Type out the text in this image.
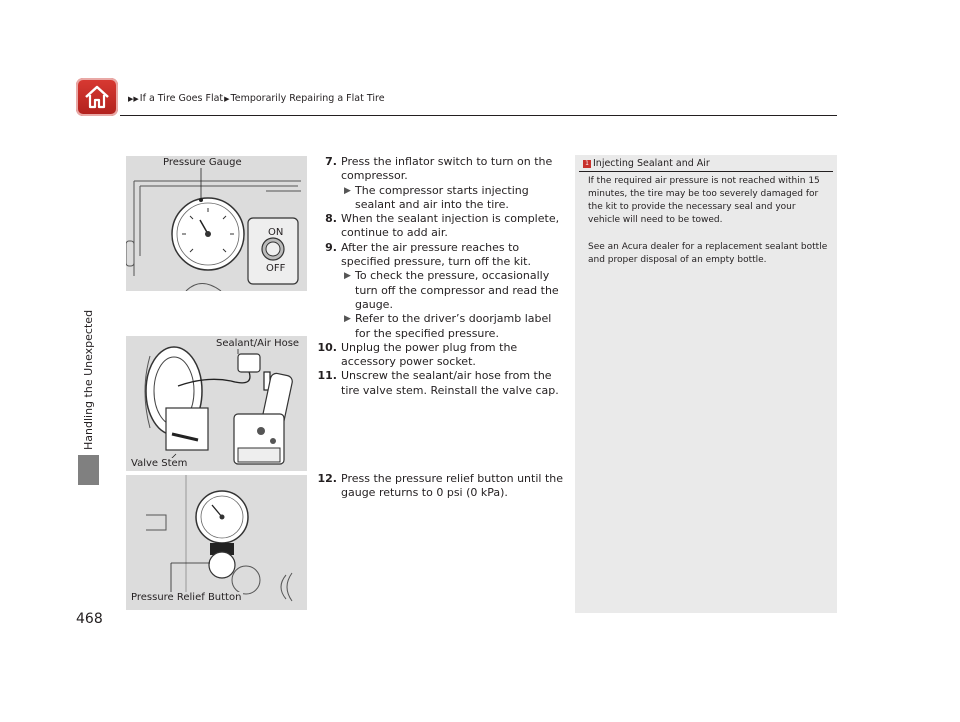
▶▶If a Tire Goes Flat▶Temporarily Repairing a Flat Tire
Handling the Unexpected
468
Pressure Gauge
ON
OFF
Sealant/Air Hose
Valve Stem
Pressure Relief Button
7. Press the inflator switch to turn on the compressor.
▶ The compressor starts injecting sealant and air into the tire.
8. When the sealant injection is complete, continue to add air.
9. After the air pressure reaches to specified pressure, turn off the kit.
▶ To check the pressure, occasionally turn off the compressor and read the gauge.
▶ Refer to the driver’s doorjamb label for the specified pressure.
10. Unplug the power plug from the accessory power socket.
11. Unscrew the sealant/air hose from the tire valve stem. Reinstall the valve cap.
12. Press the pressure relief button until the gauge returns to 0 psi (0 kPa).
1 Injecting Sealant and Air

If the required air pressure is not reached within 15 minutes, the tire may be too severely damaged for the kit to provide the necessary seal and your vehicle will need to be towed.

See an Acura dealer for a replacement sealant bottle and proper disposal of an empty bottle.
